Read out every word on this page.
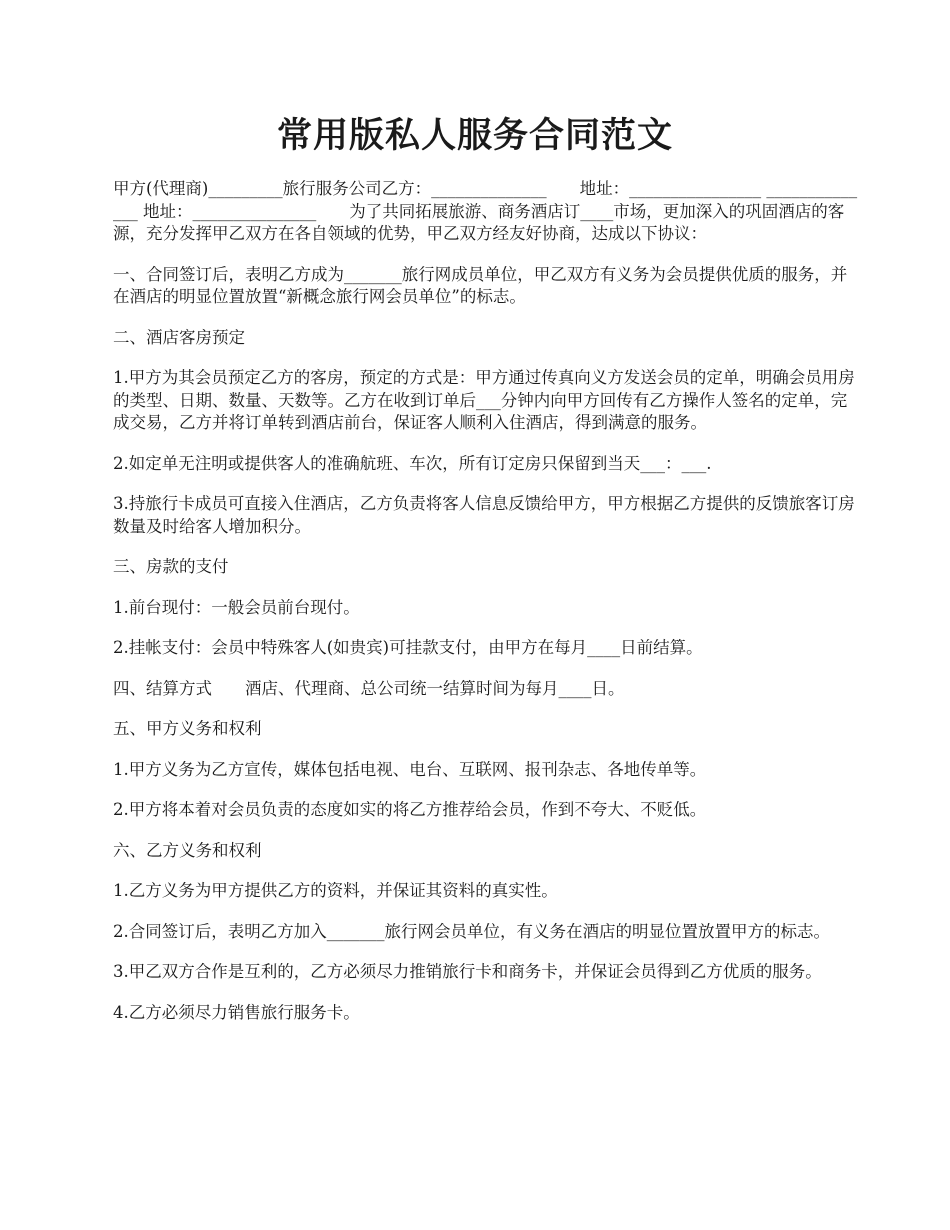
常用版私人服务合同范文

甲方(代理商)_________旅行服务公司乙方：______________　　地址：________________ ______________ 地址：_______________　　为了共同拓展旅游、商务酒店订____市场，更加深入的巩固酒店的客源，充分发挥甲乙双方在各自领域的优势，甲乙双方经友好协商，达成以下协议：

一、合同签订后，表明乙方成为_______旅行网成员单位，甲乙双方有义务为会员提供优质的服务，并在酒店的明显位置放置“新概念旅行网会员单位”的标志。

二、酒店客房预定

1.甲方为其会员预定乙方的客房，预定的方式是：甲方通过传真向义方发送会员的定单，明确会员用房的类型、日期、数量、天数等。乙方在收到订单后___分钟内向甲方回传有乙方操作人签名的定单，完成交易，乙方并将订单转到酒店前台，保证客人顺利入住酒店，得到满意的服务。

2.如定单无注明或提供客人的准确航班、车次，所有订定房只保留到当天___：___.

3.持旅行卡成员可直接入住酒店，乙方负责将客人信息反馈给甲方，甲方根据乙方提供的反馈旅客订房数量及时给客人增加积分。

三、房款的支付

1.前台现付：一般会员前台现付。

2.挂帐支付：会员中特殊客人(如贵宾)可挂款支付，由甲方在每月____日前结算。

四、结算方式　　酒店、代理商、总公司统一结算时间为每月____日。

五、甲方义务和权利

1.甲方义务为乙方宣传，媒体包括电视、电台、互联网、报刊杂志、各地传单等。

2.甲方将本着对会员负责的态度如实的将乙方推荐给会员，作到不夸大、不贬低。

六、乙方义务和权利

1.乙方义务为甲方提供乙方的资料，并保证其资料的真实性。

2.合同签订后，表明乙方加入_______旅行网会员单位，有义务在酒店的明显位置放置甲方的标志。

3.甲乙双方合作是互利的，乙方必须尽力推销旅行卡和商务卡，并保证会员得到乙方优质的服务。

4.乙方必须尽力销售旅行服务卡。
